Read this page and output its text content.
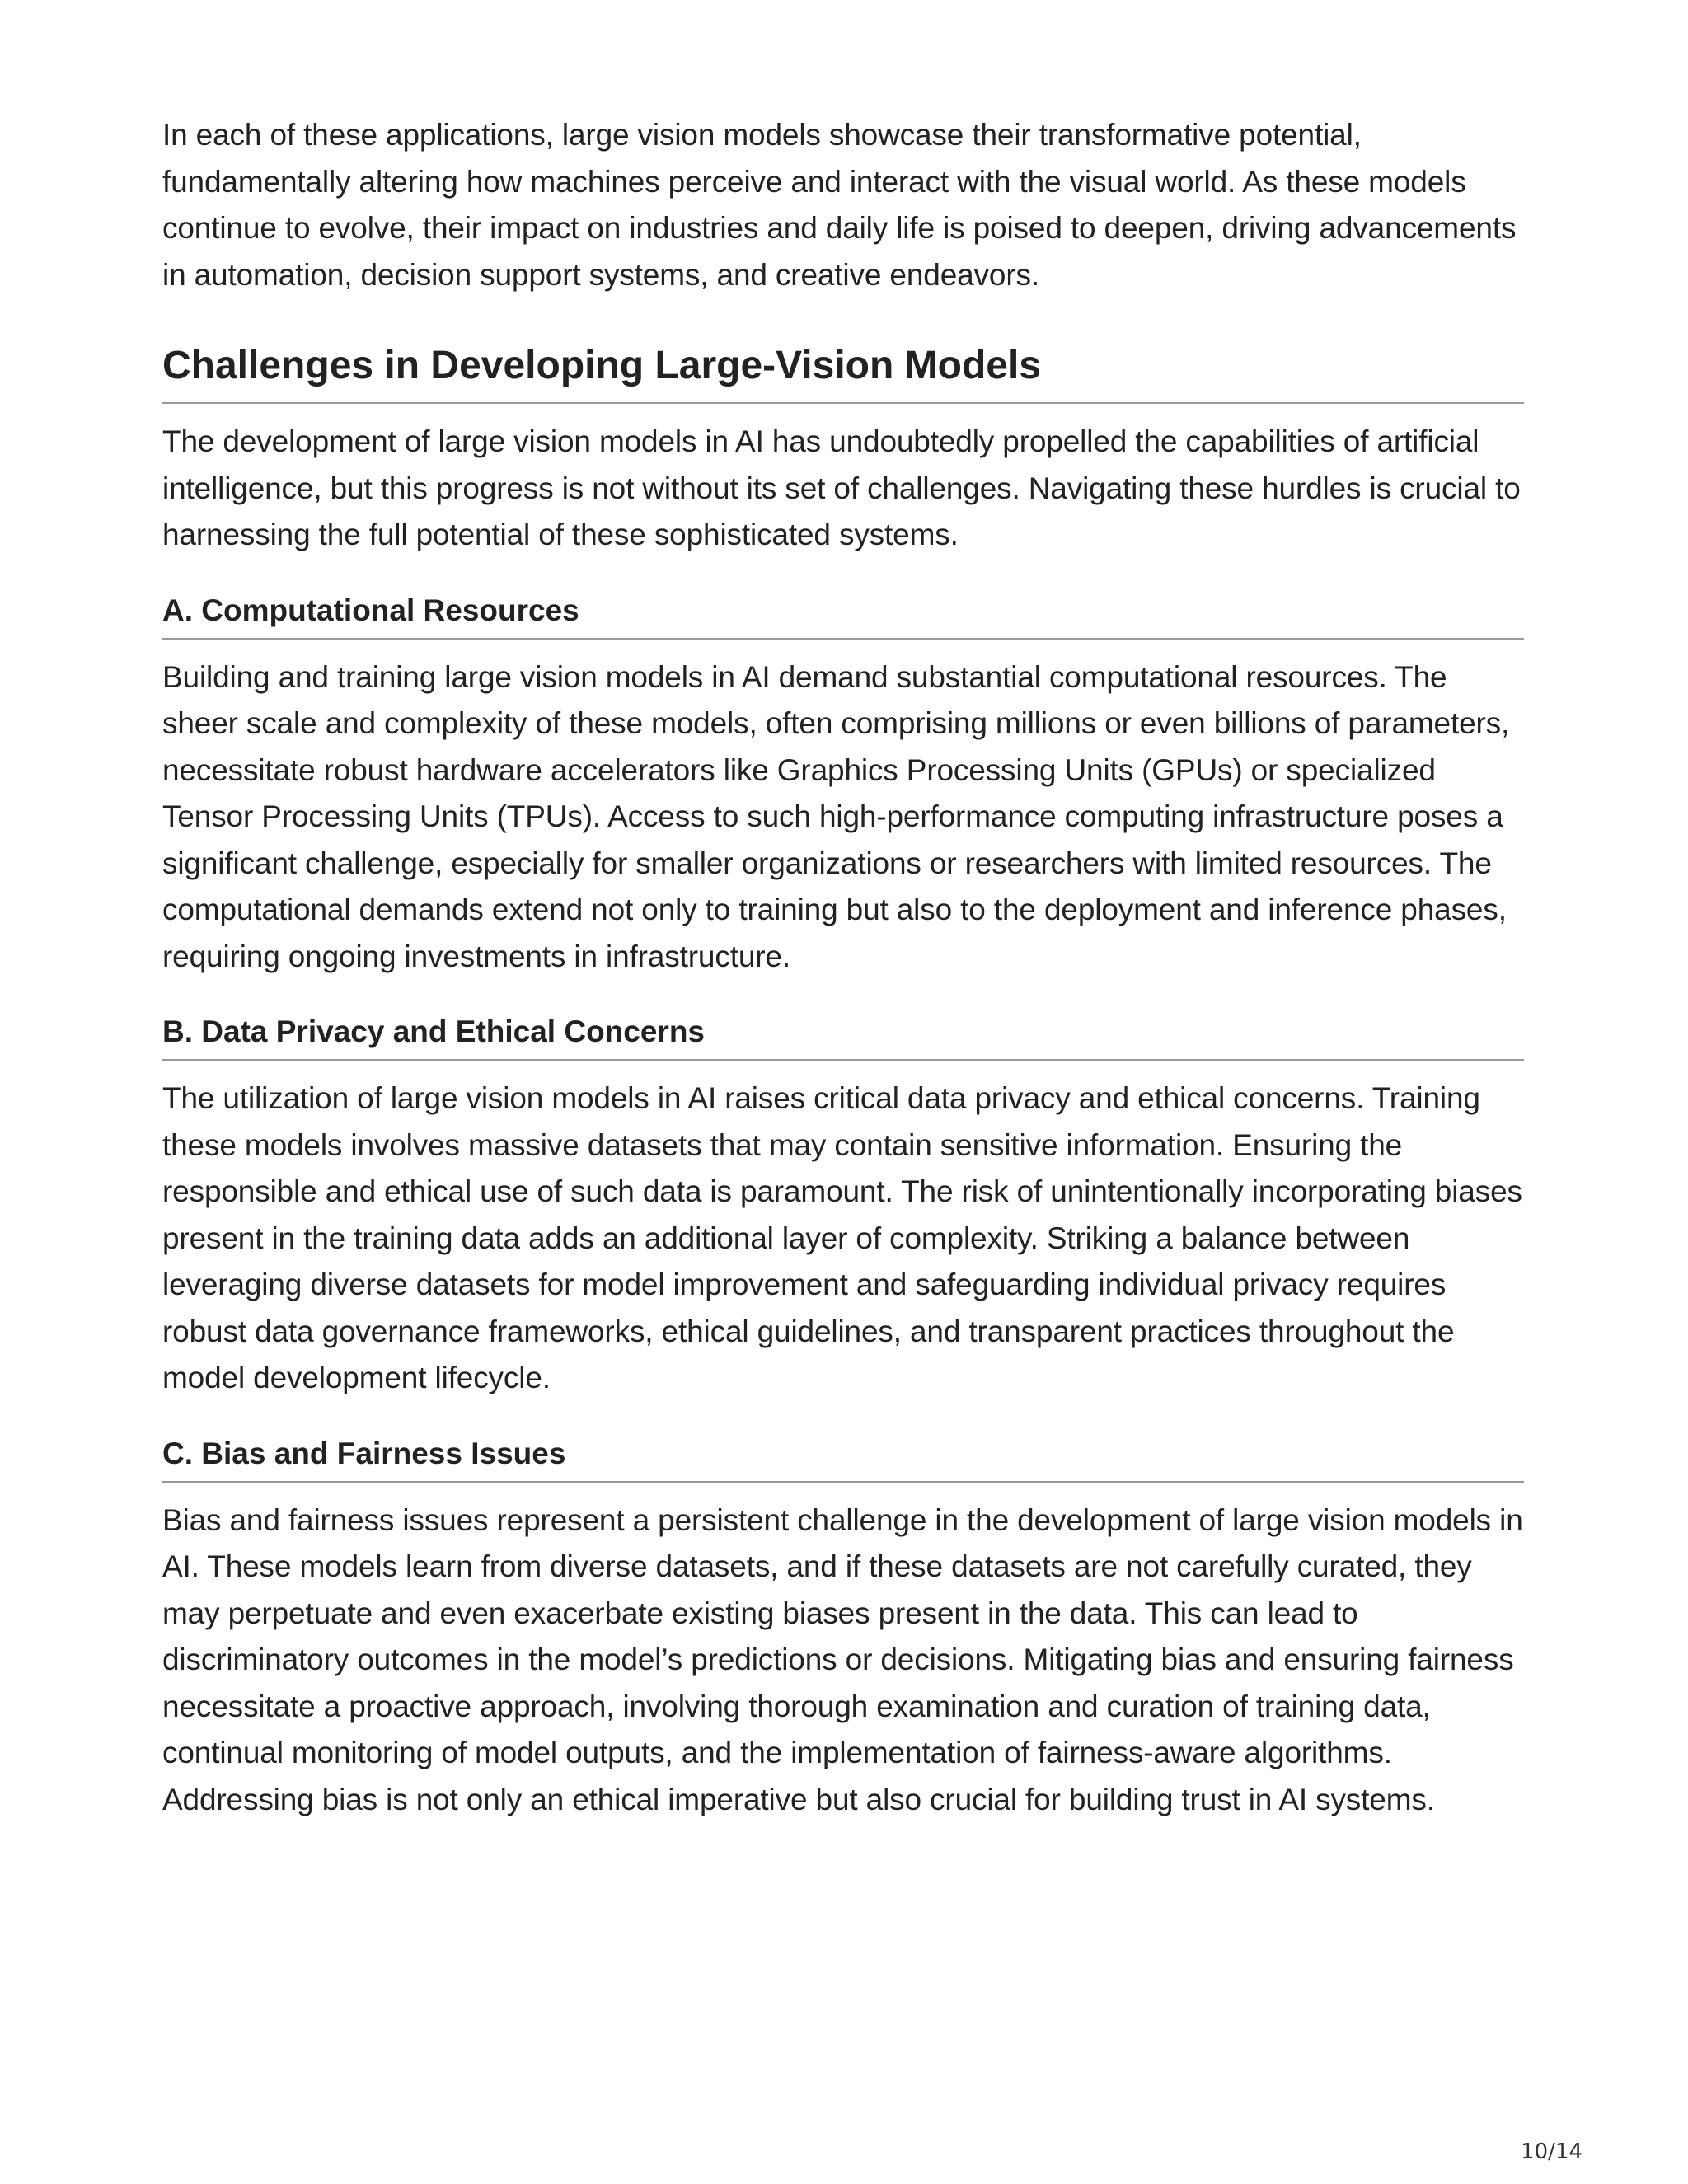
In each of these applications, large vision models showcase their transformative potential, fundamentally altering how machines perceive and interact with the visual world. As these models continue to evolve, their impact on industries and daily life is poised to deepen, driving advancements in automation, decision support systems, and creative endeavors.

Challenges in Developing Large-Vision Models

The development of large vision models in AI has undoubtedly propelled the capabilities of artificial intelligence, but this progress is not without its set of challenges. Navigating these hurdles is crucial to harnessing the full potential of these sophisticated systems.

A. Computational Resources

Building and training large vision models in AI demand substantial computational resources. The sheer scale and complexity of these models, often comprising millions or even billions of parameters, necessitate robust hardware accelerators like Graphics Processing Units (GPUs) or specialized Tensor Processing Units (TPUs). Access to such high-performance computing infrastructure poses a significant challenge, especially for smaller organizations or researchers with limited resources. The computational demands extend not only to training but also to the deployment and inference phases, requiring ongoing investments in infrastructure.

B. Data Privacy and Ethical Concerns

The utilization of large vision models in AI raises critical data privacy and ethical concerns. Training these models involves massive datasets that may contain sensitive information. Ensuring the responsible and ethical use of such data is paramount. The risk of unintentionally incorporating biases present in the training data adds an additional layer of complexity. Striking a balance between leveraging diverse datasets for model improvement and safeguarding individual privacy requires robust data governance frameworks, ethical guidelines, and transparent practices throughout the model development lifecycle.

C. Bias and Fairness Issues

Bias and fairness issues represent a persistent challenge in the development of large vision models in AI. These models learn from diverse datasets, and if these datasets are not carefully curated, they may perpetuate and even exacerbate existing biases present in the data. This can lead to discriminatory outcomes in the model’s predictions or decisions. Mitigating bias and ensuring fairness necessitate a proactive approach, involving thorough examination and curation of training data, continual monitoring of model outputs, and the implementation of fairness-aware algorithms. Addressing bias is not only an ethical imperative but also crucial for building trust in AI systems.

10/14
